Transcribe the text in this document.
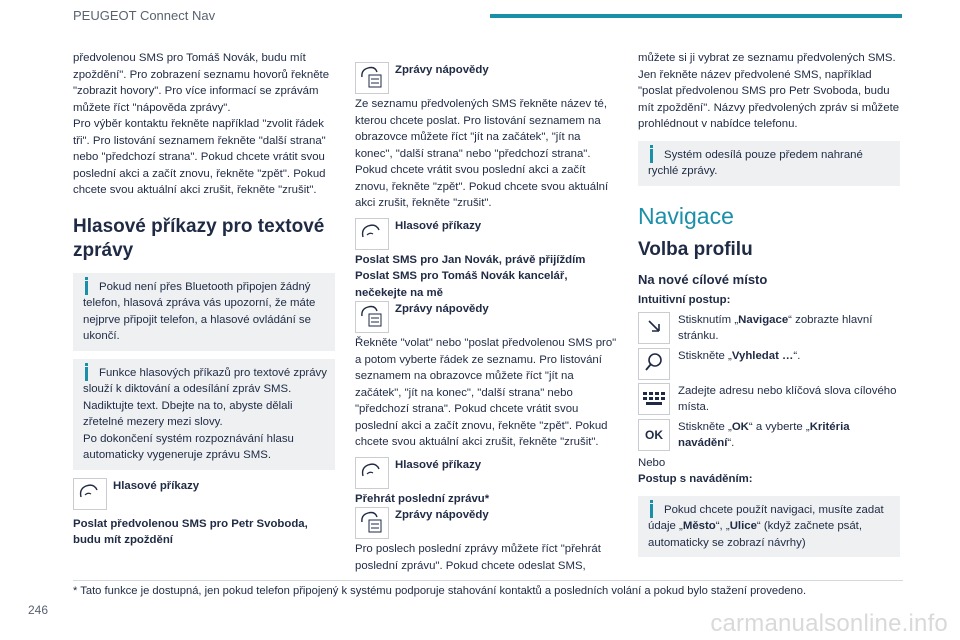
PEUGEOT Connect Nav

předvolenou SMS pro Tomáš Novák, budu mít zpoždění". Pro zobrazení seznamu hovorů řekněte "zobrazit hovory". Pro více informací se zprávám můžete říct "nápověda zprávy".
Pro výběr kontaktu řekněte například "zvolit řádek tři". Pro listování seznamem řekněte "další strana" nebo "předchozí strana". Pokud chcete vrátit svou poslední akci a začít znovu, řekněte "zpět". Pokud chcete svou aktuální akci zrušit, řekněte "zrušit".

Hlasové příkazy pro textové zprávy

Pokud není přes Bluetooth připojen žádný telefon, hlasová zpráva vás upozorní, že máte nejprve připojit telefon, a hlasové ovládání se ukončí.

Funkce hlasových příkazů pro textové zprávy slouží k diktování a odesílání zpráv SMS.
Nadiktujte text. Dbejte na to, abyste dělali zřetelné mezery mezi slovy.
Po dokončení systém rozpoznávání hlasu automaticky vygeneruje zprávu SMS.

Hlasové příkazy

Poslat předvolenou SMS pro Petr Svoboda, budu mít zpoždění

Zprávy nápovědy

Ze seznamu předvolených SMS řekněte název té, kterou chcete poslat. Pro listování seznamem na obrazovce můžete říct "jít na začátek", "jít na konec", "další strana" nebo "předchozí strana". Pokud chcete vrátit svou poslední akci a začít znovu, řekněte "zpět". Pokud chcete svou aktuální akci zrušit, řekněte "zrušit".

Hlasové příkazy

Poslat SMS pro Jan Novák, právě přijíždím
Poslat SMS pro Tomáš Novák kancelář, nečekejte na mě

Zprávy nápovědy

Řekněte "volat" nebo "poslat předvolenou SMS pro" a potom vyberte řádek ze seznamu. Pro listování seznamem na obrazovce můžete říct "jít na začátek", "jít na konec", "další strana" nebo "předchozí strana". Pokud chcete vrátit svou poslední akci a začít znovu, řekněte "zpět". Pokud chcete svou aktuální akci zrušit, řekněte "zrušit".

Hlasové příkazy

Přehrát poslední zprávu*

Zprávy nápovědy

Pro poslech poslední zprávy můžete říct "přehrát poslední zprávu". Pokud chcete odeslat SMS,

můžete si ji vybrat ze seznamu předvolených SMS. Jen řekněte název předvolené SMS, například "poslat předvolenou SMS pro Petr Svoboda, budu mít zpoždění". Názvy předvolených zpráv si můžete prohlédnout v nabídce telefonu.

Systém odesílá pouze předem nahrané rychlé zprávy.

Navigace
Volba profilu
Na nové cílové místo

Intuitivní postup:

Stisknutím „Navigace“ zobrazte hlavní stránku.
Stiskněte „Vyhledat …“.
Zadejte adresu nebo klíčová slova cílového místa.
OK
Stiskněte „OK“ a vyberte „Kritéria navádění“.

Nebo

Postup s naváděním:

Pokud chcete použít navigaci, musíte zadat údaje „Město“, „Ulice“ (když začnete psát, automaticky se zobrazí návrhy)

* Tato funkce je dostupná, jen pokud telefon připojený k systému podporuje stahování kontaktů a posledních volání a pokud bylo stažení provedeno.
246	carmanualsonline.info
